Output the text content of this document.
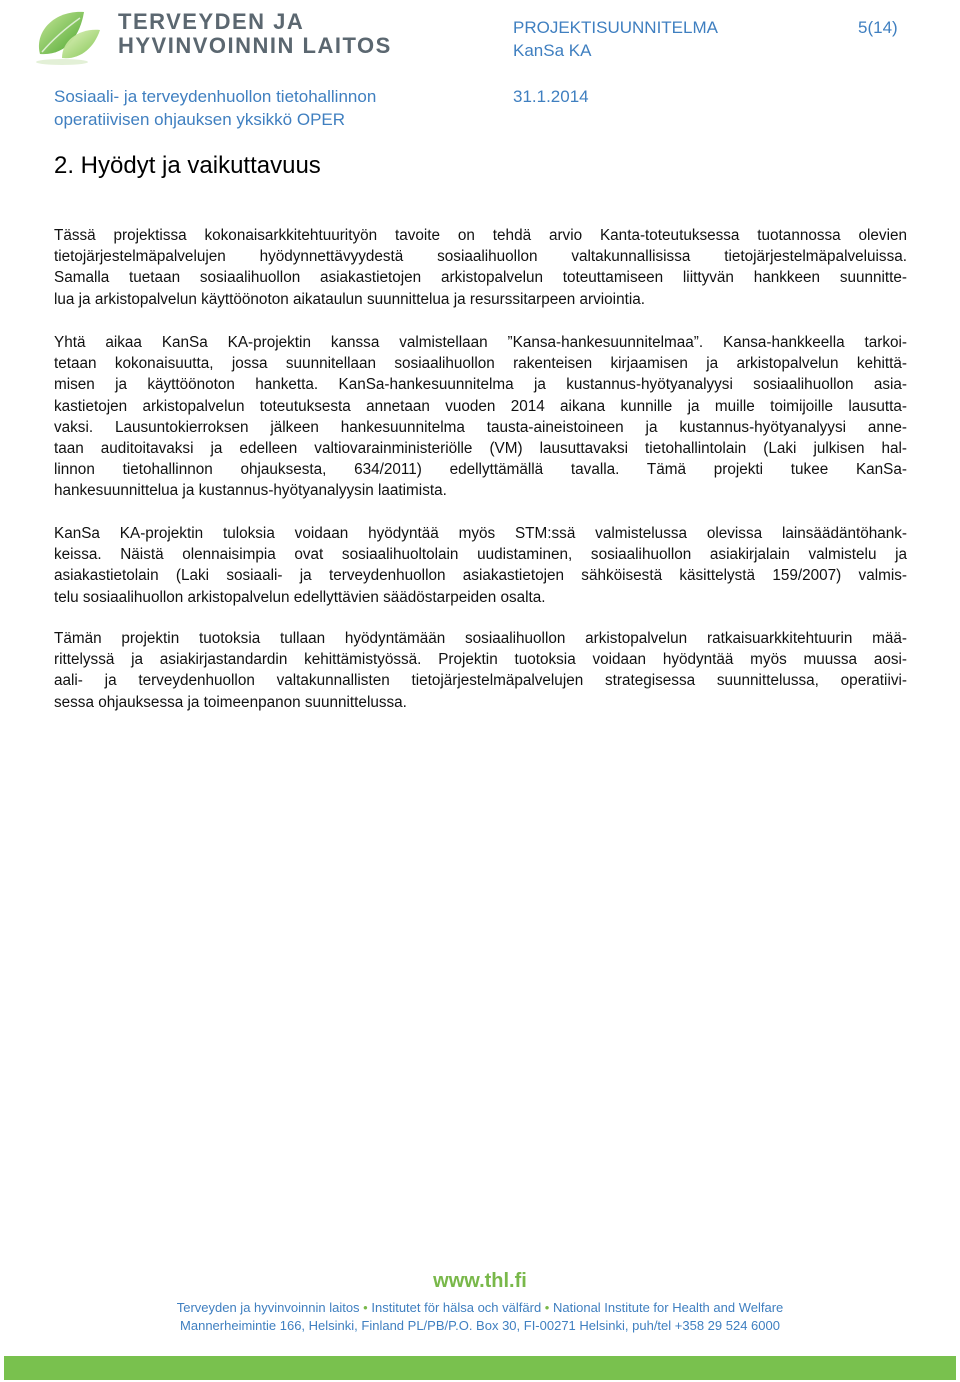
TERVEYDEN JA
HYVINVOINNIN LAITOS
PROJEKTISUUNNITELMA	5(14)
KanSa KA
Sosiaali- ja terveydenhuollon tietohallinnon
operatiivisen ohjauksen yksikkö OPER
31.1.2014
2. Hyödyt ja vaikuttavuus
Tässä projektissa kokonaisarkkitehtuurityön tavoite on tehdä arvio Kanta-toteutuksessa tuotannossa olevien
tietojärjestelmäpalvelujen hyödynnettävyydestä sosiaalihuollon valtakunnallisissa tietojärjestelmäpalveluissa.
Samalla tuetaan sosiaalihuollon asiakastietojen arkistopalvelun toteuttamiseen liittyvän hankkeen suunnitte-
lua ja arkistopalvelun käyttöönoton aikataulun suunnittelua ja resurssitarpeen arviointia.
Yhtä aikaa KanSa KA-projektin kanssa valmistellaan ”Kansa-hankesuunnitelmaa”. Kansa-hankkeella tarkoi-
tetaan kokonaisuutta, jossa suunnitellaan sosiaalihuollon rakenteisen kirjaamisen ja arkistopalvelun kehittä-
misen ja käyttöönoton hanketta. KanSa-hankesuunnitelma ja kustannus-hyötyanalyysi sosiaalihuollon asia-
kastietojen arkistopalvelun toteutuksesta annetaan vuoden 2014 aikana kunnille ja muille toimijoille lausutta-
vaksi. Lausuntokierroksen jälkeen hankesuunnitelma tausta-aineistoineen ja kustannus-hyötyanalyysi anne-
taan auditoitavaksi ja edelleen valtiovarainministeriölle (VM) lausuttavaksi tietohallintolain (Laki julkisen hal-
linnon tietohallinnon ohjauksesta, 634/2011) edellyttämällä tavalla. Tämä projekti tukee KanSa-
hankesuunnittelua ja kustannus-hyötyanalyysin laatimista.
KanSa KA-projektin tuloksia voidaan hyödyntää myös STM:ssä valmistelussa olevissa lainsäädäntöhank-
keissa. Näistä olennaisimpia ovat sosiaalihuoltolain uudistaminen, sosiaalihuollon asiakirjalain valmistelu ja
asiakastietolain (Laki sosiaali- ja terveydenhuollon asiakastietojen sähköisestä käsittelystä 159/2007) valmis-
telu sosiaalihuollon arkistopalvelun edellyttävien säädöstarpeiden osalta.
Tämän projektin tuotoksia tullaan hyödyntämään sosiaalihuollon arkistopalvelun ratkaisuarkkitehtuurin mää-
rittelyssä ja asiakirjastandardin kehittämistyössä. Projektin tuotoksia voidaan hyödyntää myös muussa aosi-
aali- ja terveydenhuollon valtakunnallisten tietojärjestelmäpalvelujen strategisessa suunnittelussa, operatiivi-
sessa ohjauksessa ja toimeenpanon suunnittelussa.
www.thl.fi
Terveyden ja hyvinvoinnin laitos • Institutet för hälsa och välfärd • National Institute for Health and Welfare
Mannerheimintie 166, Helsinki, Finland PL/PB/P.O. Box 30, FI-00271 Helsinki, puh/tel +358 29 524 6000
